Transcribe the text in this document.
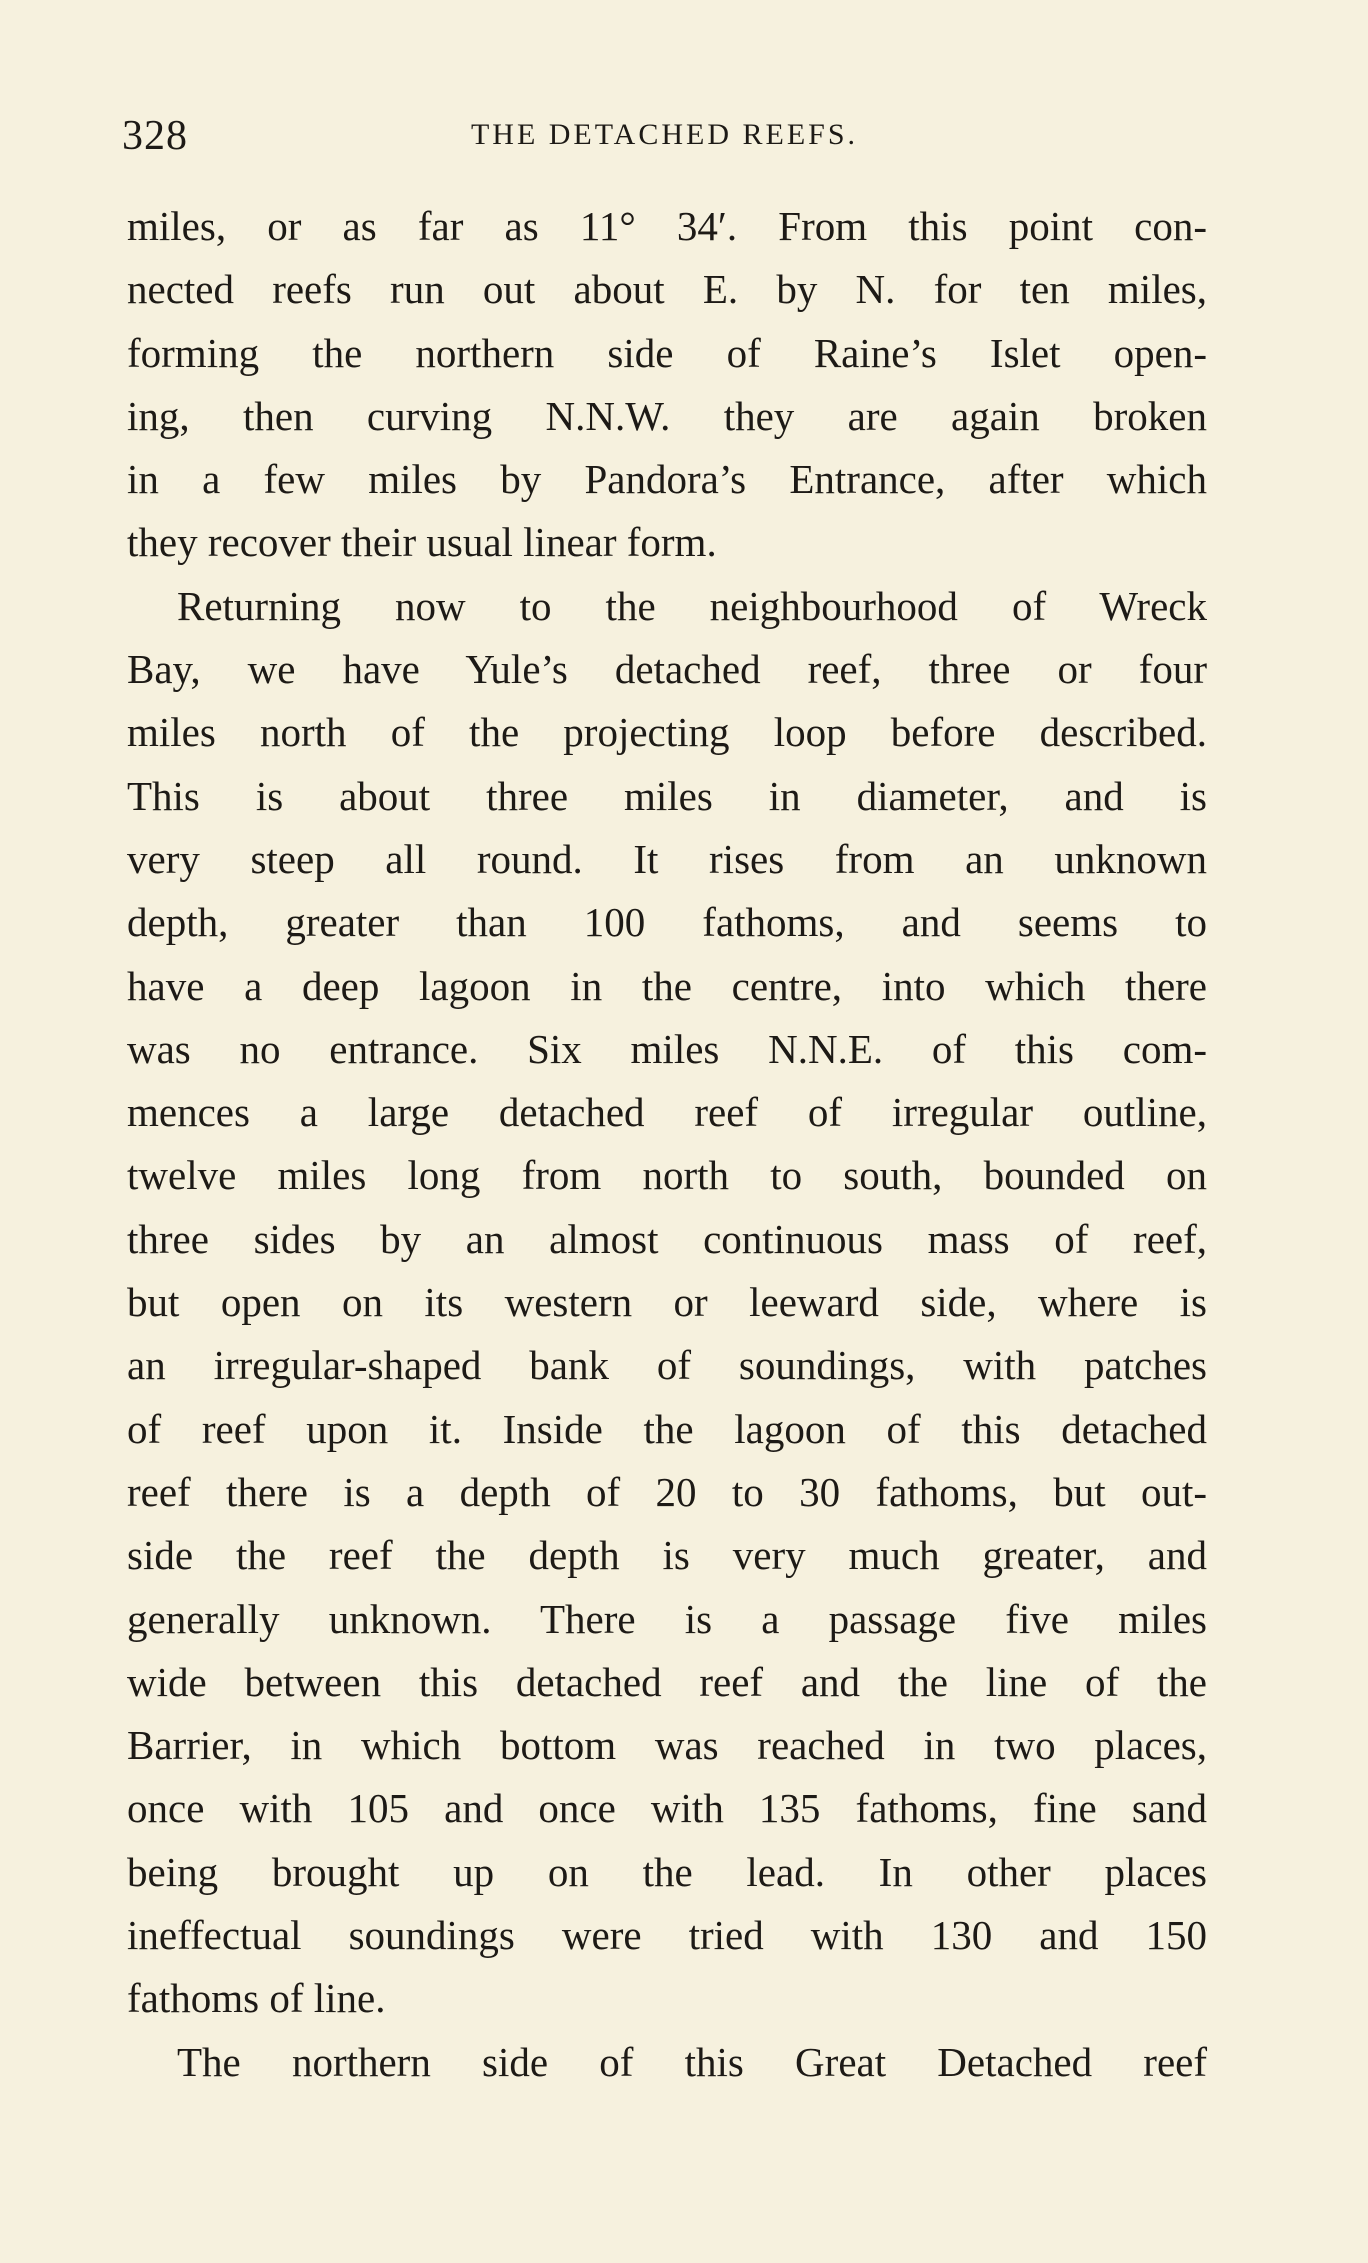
328	THE DETACHED REEFS.
miles, or as far as 11° 34′. From this point con-
nected reefs run out about E. by N. for ten miles,
forming the northern side of Raine’s Islet open-
ing, then curving N.N.W. they are again broken
in a few miles by Pandora’s Entrance, after which
they recover their usual linear form.
Returning now to the neighbourhood of Wreck
Bay, we have Yule’s detached reef, three or four
miles north of the projecting loop before described.
This is about three miles in diameter, and is
very steep all round. It rises from an unknown
depth, greater than 100 fathoms, and seems to
have a deep lagoon in the centre, into which there
was no entrance. Six miles N.N.E. of this com-
mences a large detached reef of irregular outline,
twelve miles long from north to south, bounded on
three sides by an almost continuous mass of reef,
but open on its western or leeward side, where is
an irregular-shaped bank of soundings, with patches
of reef upon it. Inside the lagoon of this detached
reef there is a depth of 20 to 30 fathoms, but out-
side the reef the depth is very much greater, and
generally unknown. There is a passage five miles
wide between this detached reef and the line of the
Barrier, in which bottom was reached in two places,
once with 105 and once with 135 fathoms, fine sand
being brought up on the lead. In other places
ineffectual soundings were tried with 130 and 150
fathoms of line.
The northern side of this Great Detached reef
